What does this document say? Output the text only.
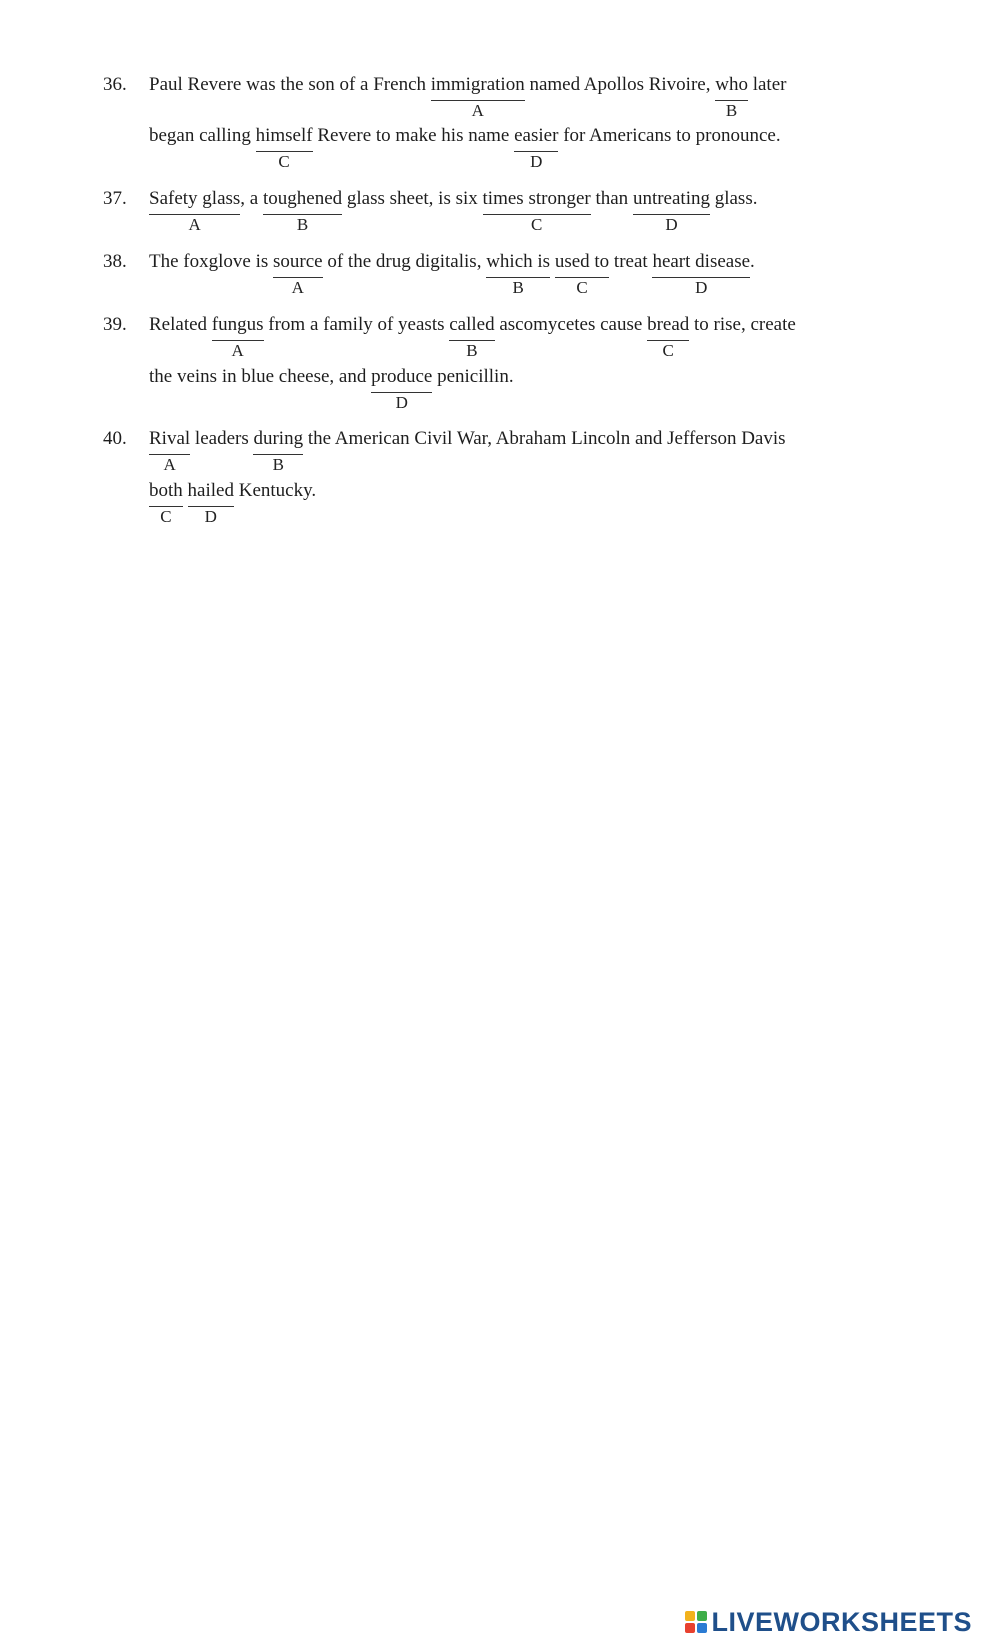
36.	Paul Revere was the son of a French immigration
A
named Apollos Rivoire, who
B
later
began calling himself
C
Revere to make his name easier
D
for Americans to pronounce.
37.	Safety glass
A
, a toughened
B
glass sheet, is six times stronger
C
than untreating
D
glass.
38.	The foxglove is source
A
of the drug digitalis, which is
B
used to
C
treat heart disease
D
.
39.	Related fungus
A
from a family of yeasts called
B
ascomycetes cause bread
C
to rise, create
the veins in blue cheese, and produce
D
penicillin.
40.	Rival
A
leaders during
B
the American Civil War, Abraham Lincoln and Jefferson Davis
both
C
hailed
D
Kentucky.
LIVEWORKSHEETS
